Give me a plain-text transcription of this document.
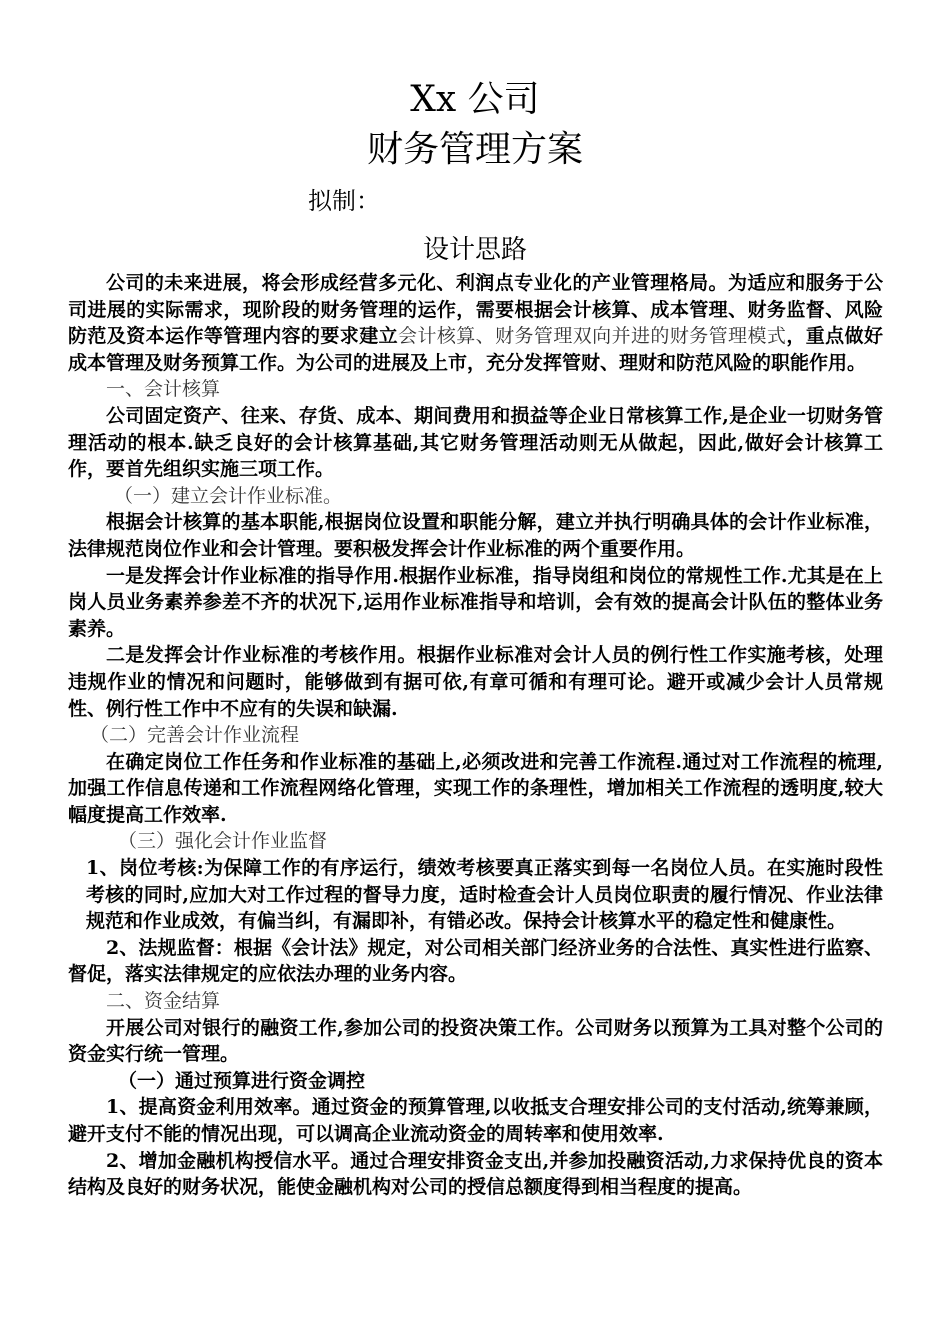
Xx 公司
财务管理方案
拟制：
设计思路

公司的未来进展，将会形成经营多元化、利润点专业化的产业管理格局。为适应和服务于公司进展的实际需求，现阶段的财务管理的运作，需要根据会计核算、成本管理、财务监督、风险防范及资本运作等管理内容的要求建立会计核算、财务管理双向并进的财务管理模式，重点做好成本管理及财务预算工作。为公司的进展及上市，充分发挥管财、理财和防范风险的职能作用。

一、会计核算

公司固定资产、往来、存货、成本、期间费用和损益等企业日常核算工作,是企业一切财务管理活动的根本.缺乏良好的会计核算基础,其它财务管理活动则无从做起，因此,做好会计核算工作，要首先组织实施三项工作。

（一）建立会计作业标准。

根据会计核算的基本职能,根据岗位设置和职能分解，建立并执行明确具体的会计作业标准，法律规范岗位作业和会计管理。要积极发挥会计作业标准的两个重要作用。

一是发挥会计作业标准的指导作用.根据作业标准，指导岗组和岗位的常规性工作.尤其是在上岗人员业务素养参差不齐的状况下,运用作业标准指导和培训，会有效的提高会计队伍的整体业务素养。

二是发挥会计作业标准的考核作用。根据作业标准对会计人员的例行性工作实施考核，处理违规作业的情况和问题时，能够做到有据可依,有章可循和有理可论。避开或减少会计人员常规性、例行性工作中不应有的失误和缺漏.

（二）完善会计作业流程

在确定岗位工作任务和作业标准的基础上,必须改进和完善工作流程.通过对工作流程的梳理,加强工作信息传递和工作流程网络化管理，实现工作的条理性，增加相关工作流程的透明度,较大幅度提高工作效率.

（三）强化会计作业监督

1、岗位考核:为保障工作的有序运行，绩效考核要真正落实到每一名岗位人员。在实施时段性考核的同时,应加大对工作过程的督导力度，适时检查会计人员岗位职责的履行情况、作业法律规范和作业成效，有偏当纠，有漏即补，有错必改。保持会计核算水平的稳定性和健康性。

2、法规监督：根据《会计法》规定，对公司相关部门经济业务的合法性、真实性进行监察、督促，落实法律规定的应依法办理的业务内容。

二、资金结算

开展公司对银行的融资工作,参加公司的投资决策工作。公司财务以预算为工具对整个公司的资金实行统一管理。

（一）通过预算进行资金调控

1、提高资金利用效率。通过资金的预算管理,以收抵支合理安排公司的支付活动,统筹兼顾，避开支付不能的情况出现，可以调高企业流动资金的周转率和使用效率.

2、增加金融机构授信水平。通过合理安排资金支出,并参加投融资活动,力求保持优良的资本结构及良好的财务状况，能使金融机构对公司的授信总额度得到相当程度的提高。
